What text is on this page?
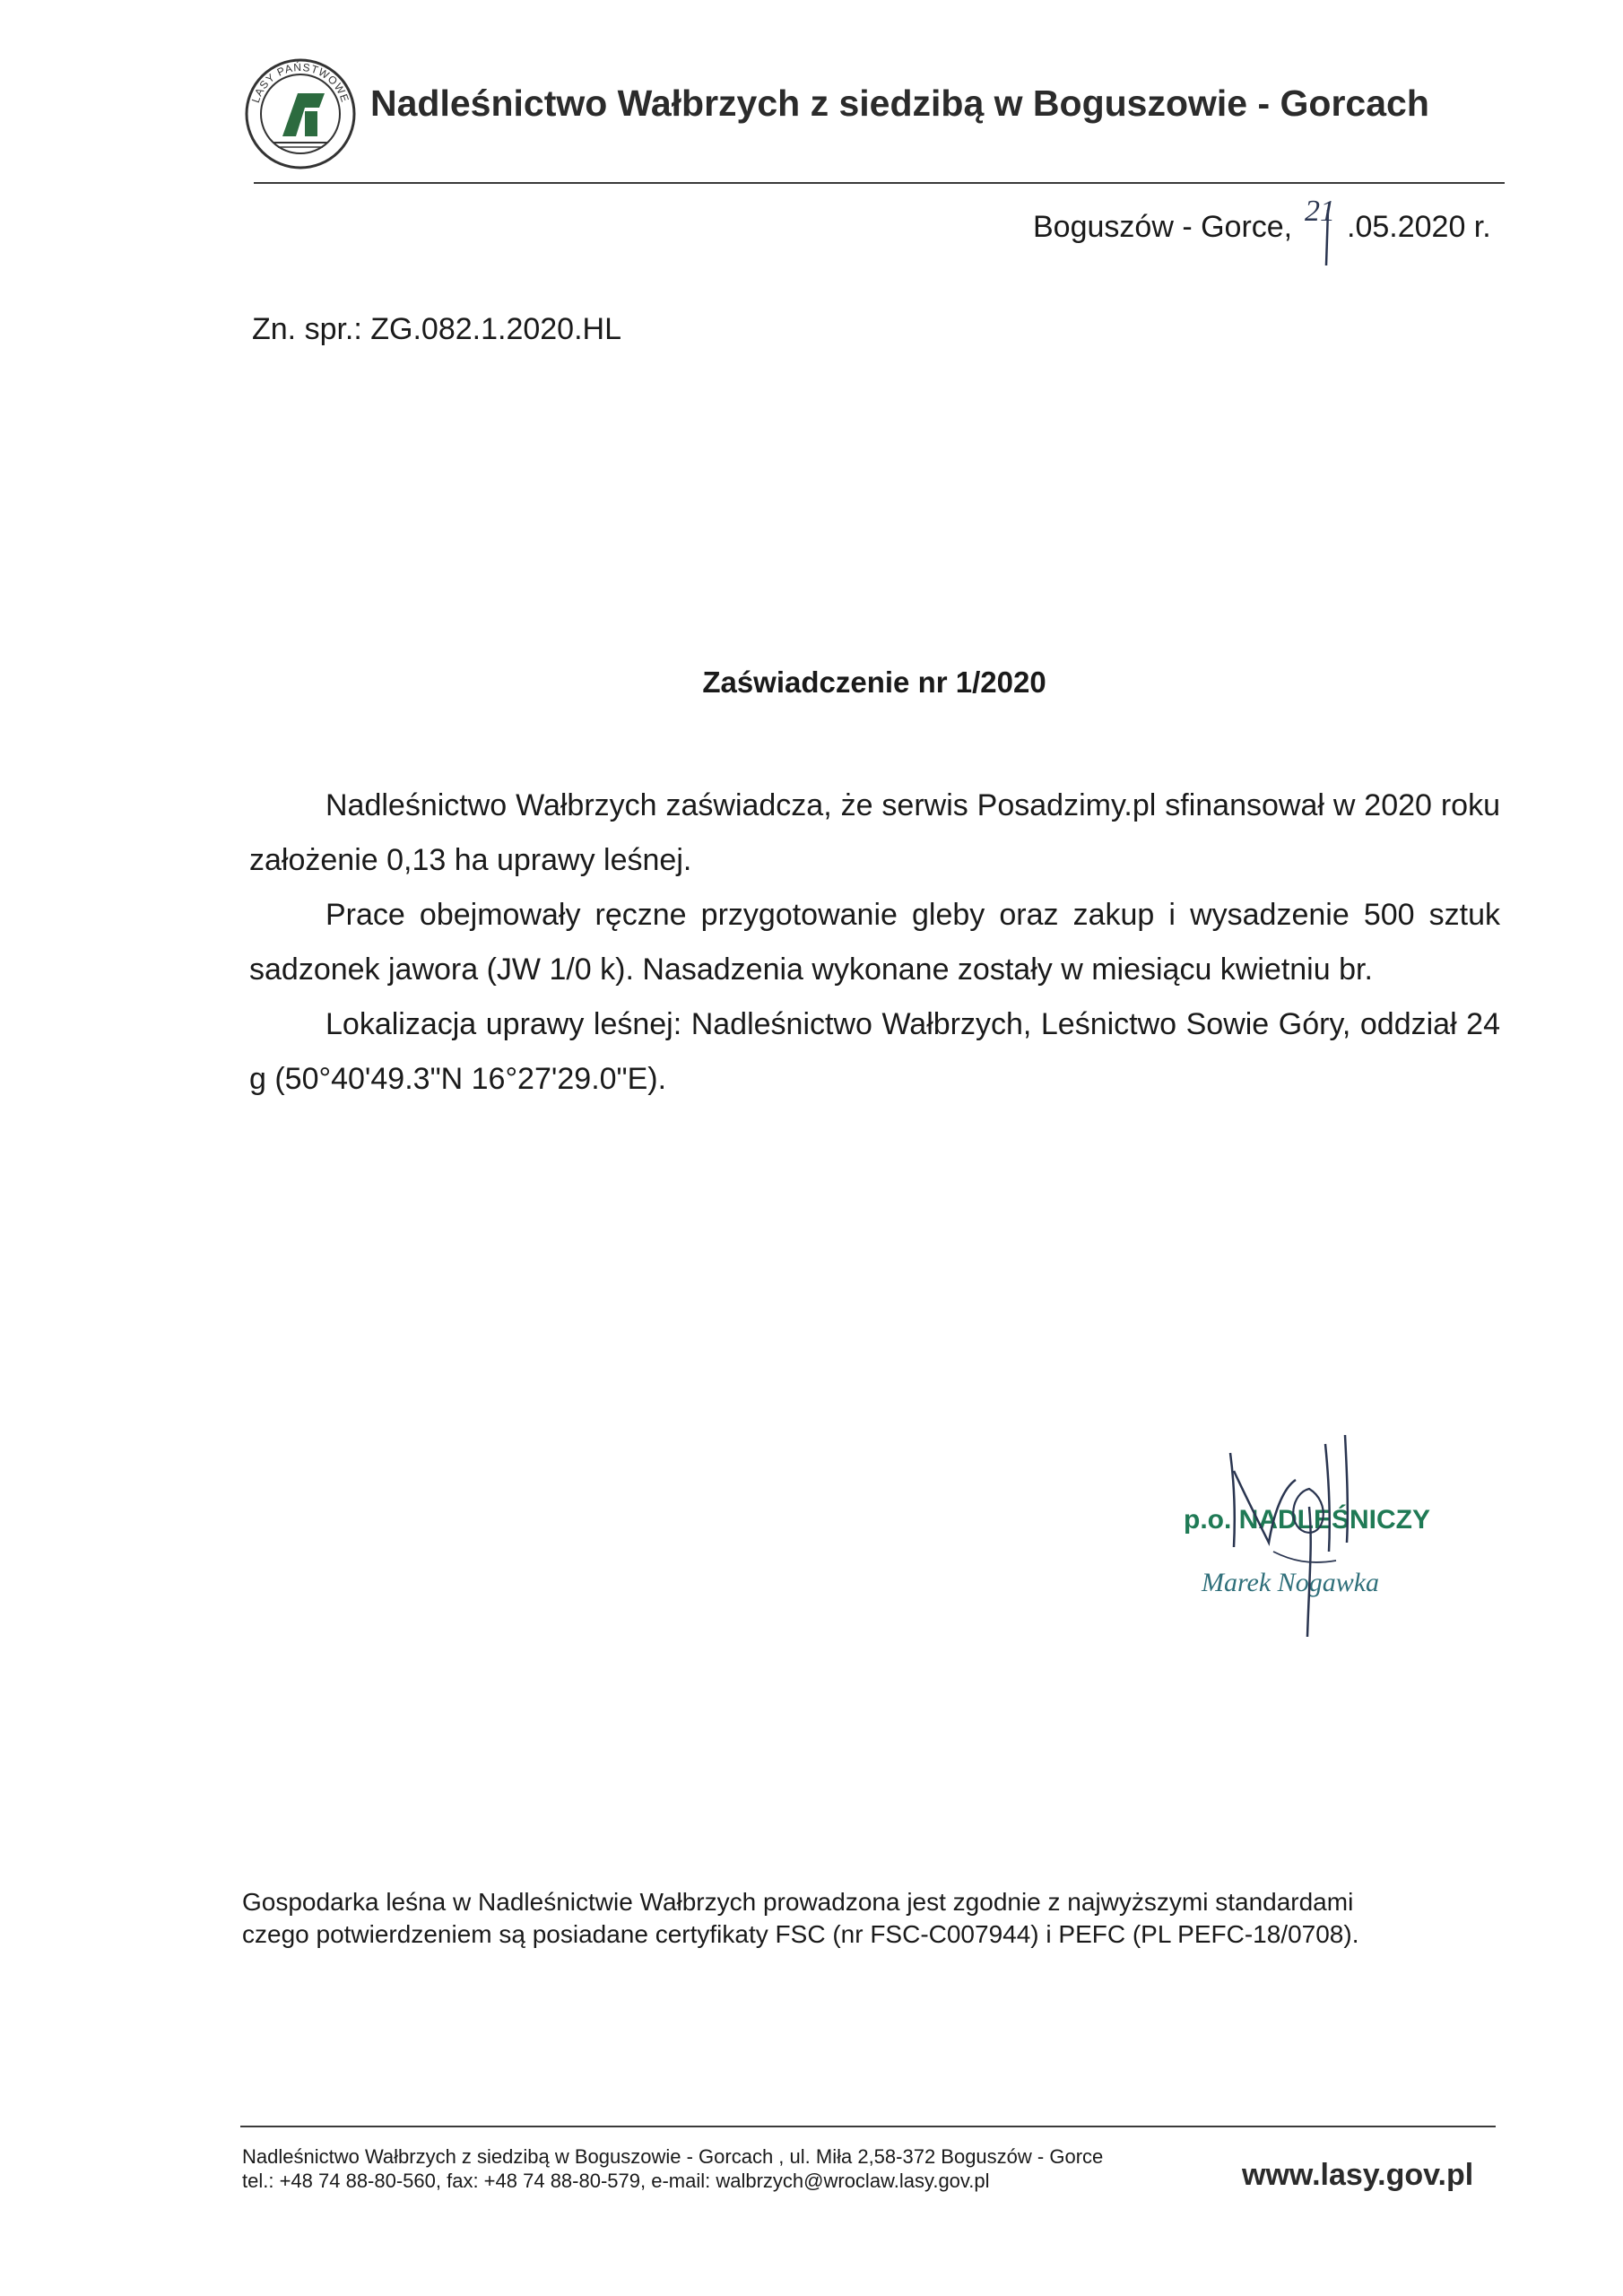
LASY PAŃSTWOWE Nadleśnictwo Wałbrzych z siedzibą w Boguszowie - Gorcach
Boguszów - Gorce, 21 .05.2020 r.
Zn. spr.: ZG.082.1.2020.HL
Zaświadczenie nr 1/2020

Nadleśnictwo Wałbrzych zaświadcza, że serwis Posadzimy.pl sfinansował w 2020 roku założenie 0,13 ha uprawy leśnej.

Prace obejmowały ręczne przygotowanie gleby oraz zakup i wysadzenie 500 sztuk sadzonek jawora (JW 1/0 k). Nasadzenia wykonane zostały w miesiącu kwietniu br.

Lokalizacja uprawy leśnej: Nadleśnictwo Wałbrzych, Leśnictwo Sowie Góry, oddział 24 g (50°40'49.3"N 16°27'29.0"E).

p.o. NADLEŚNICZY
Marek Nogawka
Gospodarka leśna w Nadleśnictwie Wałbrzych prowadzona jest zgodnie z najwyższymi standardami
czego potwierdzeniem są posiadane certyfikaty FSC (nr FSC-C007944) i PEFC (PL PEFC-18/0708).
Nadleśnictwo Wałbrzych z siedzibą w Boguszowie - Gorcach , ul. Miła 2,58-372 Boguszów - Gorce
tel.: +48 74 88-80-560, fax: +48 74 88-80-579, e-mail: walbrzych@wroclaw.lasy.gov.pl	www.lasy.gov.pl
